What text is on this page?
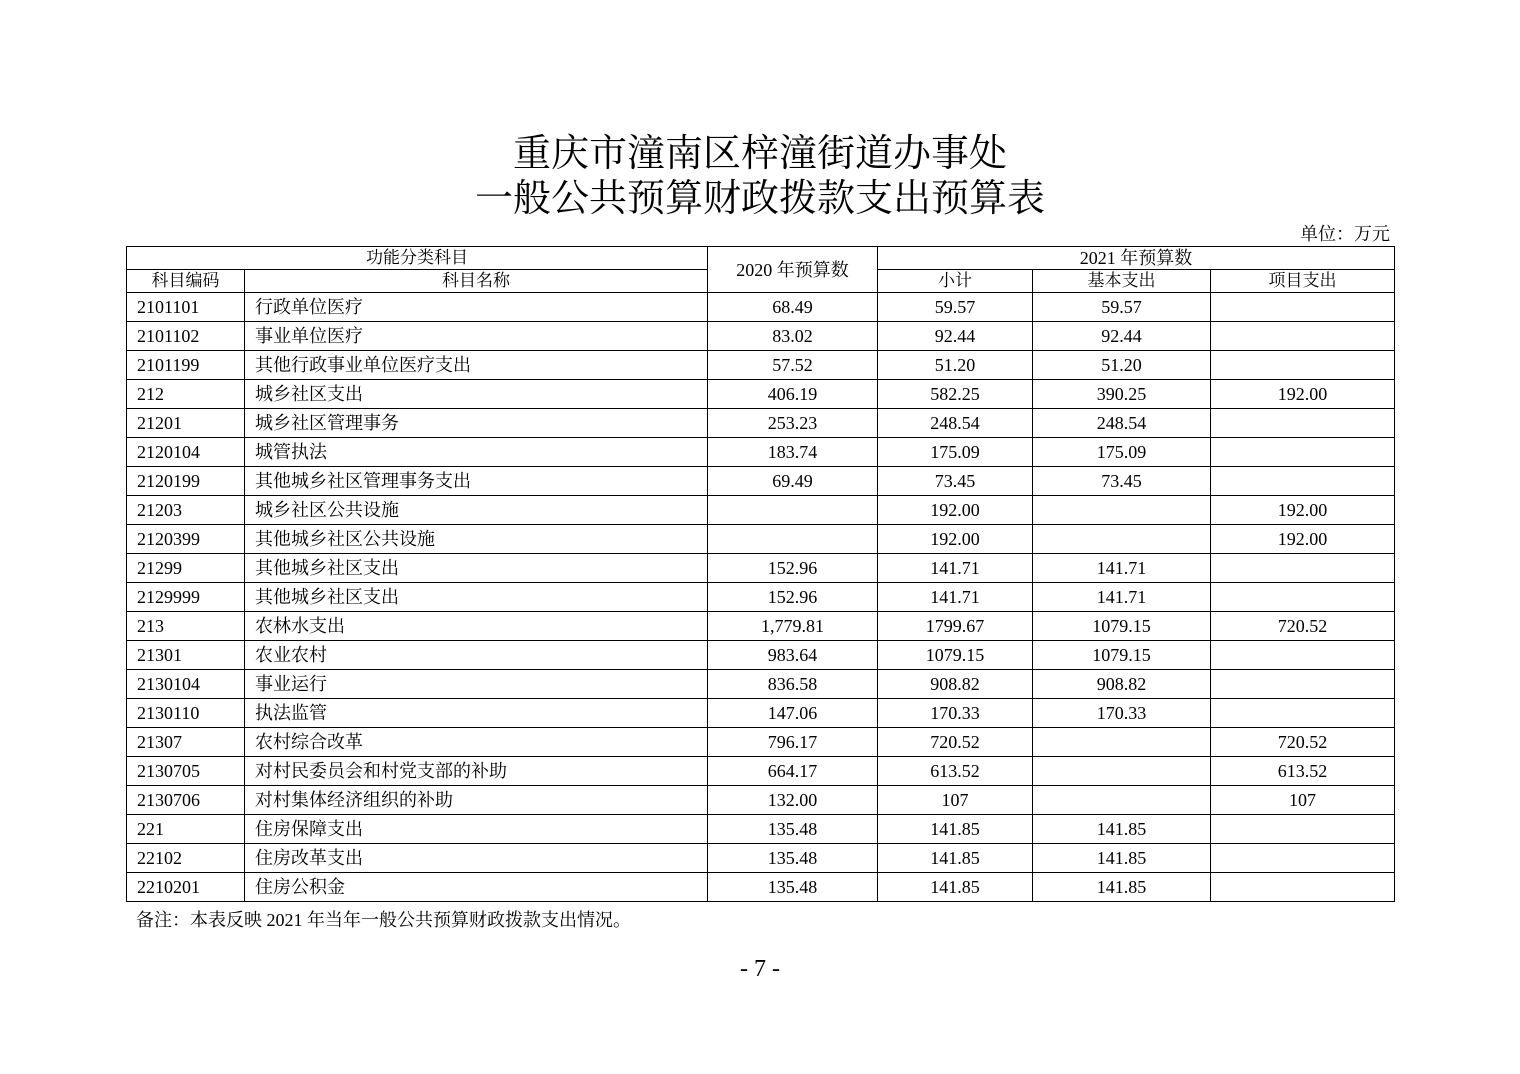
重庆市潼南区梓潼街道办事处
一般公共预算财政拨款支出预算表
单位：万元
功能分类科目		2020 年预算数	2021 年预算数		
科目编码	科目名称		小计	基本支出	项目支出
2101101	行政单位医疗	68.49	59.57	59.57	
2101102	事业单位医疗	83.02	92.44	92.44	
2101199	其他行政事业单位医疗支出	57.52	51.20	51.20	
212	城乡社区支出	406.19	582.25	390.25	192.00
21201	城乡社区管理事务	253.23	248.54	248.54	
2120104	城管执法	183.74	175.09	175.09	
2120199	其他城乡社区管理事务支出	69.49	73.45	73.45	
21203	城乡社区公共设施		192.00		192.00
2120399	其他城乡社区公共设施		192.00		192.00
21299	其他城乡社区支出	152.96	141.71	141.71	
2129999	其他城乡社区支出	152.96	141.71	141.71	
213	农林水支出	1,779.81	1799.67	1079.15	720.52
21301	农业农村	983.64	1079.15	1079.15	
2130104	事业运行	836.58	908.82	908.82	
2130110	执法监管	147.06	170.33	170.33	
21307	农村综合改革	796.17	720.52		720.52
2130705	对村民委员会和村党支部的补助	664.17	613.52		613.52
2130706	对村集体经济组织的补助	132.00	107		107
221	住房保障支出	135.48	141.85	141.85	
22102	住房改革支出	135.48	141.85	141.85	
2210201	住房公积金	135.48	141.85	141.85	
备注：本表反映 2021 年当年一般公共预算财政拨款支出情况。
- 7 -
